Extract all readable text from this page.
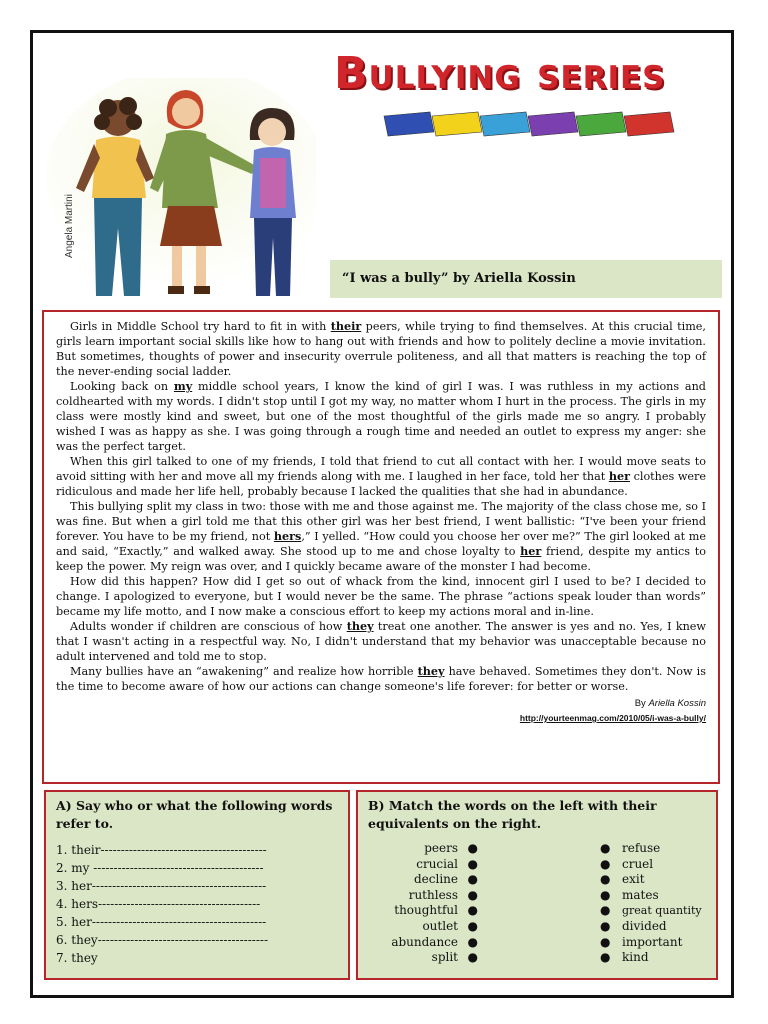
Angela Martini
Bullying series
“I was a bully” by Ariella Kossin

Girls in Middle School try hard to fit in with their peers, while trying to find themselves. At this crucial time, girls learn important social skills like how to hang out with friends and how to politely decline a movie invitation. But sometimes, thoughts of power and insecurity overrule politeness, and all that matters is reaching the top of the never-ending social ladder.

Looking back on my middle school years, I know the kind of girl I was. I was ruthless in my actions and coldhearted with my words. I didn't stop until I got my way, no matter whom I hurt in the process. The girls in my class were mostly kind and sweet, but one of the most thoughtful of the girls made me so angry. I probably wished I was as happy as she. I was going through a rough time and needed an outlet to express my anger: she was the perfect target.

When this girl talked to one of my friends, I told that friend to cut all contact with her. I would move seats to avoid sitting with her and move all my friends along with me. I laughed in her face, told her that her clothes were ridiculous and made her life hell, probably because I lacked the qualities that she had in abundance.

This bullying split my class in two: those with me and those against me. The majority of the class chose me, so I was fine. But when a girl told me that this other girl was her best friend, I went ballistic: “I've been your friend forever. You have to be my friend, not hers,” I yelled. “How could you choose her over me?” The girl looked at me and said, “Exactly,” and walked away. She stood up to me and chose loyalty to her friend, despite my antics to keep the power. My reign was over, and I quickly became aware of the monster I had become.

How did this happen? How did I get so out of whack from the kind, innocent girl I used to be? I decided to change. I apologized to everyone, but I would never be the same. The phrase “actions speak louder than words” became my life motto, and I now make a conscious effort to keep my actions moral and in-line.

Adults wonder if children are conscious of how they treat one another. The answer is yes and no. Yes, I knew that I wasn't acting in a respectful way. No, I didn't understand that my behavior was unacceptable because no adult intervened and told me to stop.

Many bullies have an “awakening” and realize how horrible they have behaved. Sometimes they don't. Now is the time to become aware of how our actions can change someone's life forever: for better or worse.

By Ariella Kossin
http://yourteenmag.com/2010/05/i-was-a-bully/
A) Say who or what the following words refer to.
1. their-----------------------------------------
2. my ------------------------------------------
3. her-------------------------------------------
4. hers----------------------------------------
5. her-------------------------------------------
6. they------------------------------------------
7. they
B) Match the words on the left with their equivalents on the right.
peers ●
crucial ●
decline ●
ruthless ●
thoughtful ●
outlet ●
abundance ●
split ●
● refuse
● cruel
● exit
● mates
● great quantity
● divided
● important
● kind
